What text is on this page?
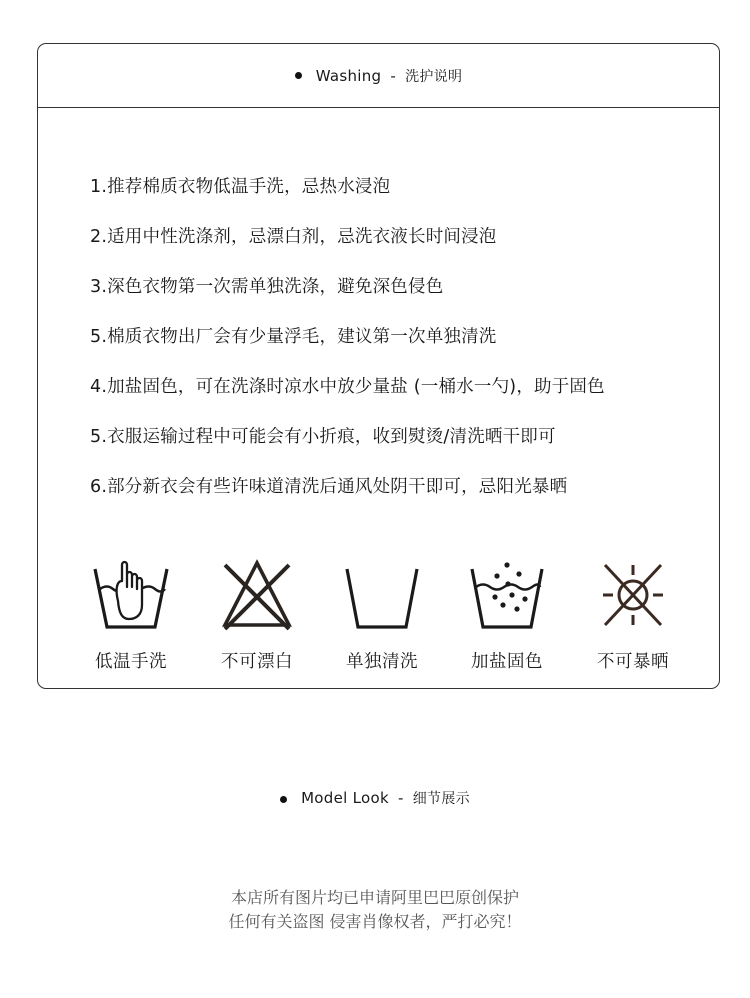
Washing - 洗护说明
1.推荐棉质衣物低温手洗，忌热水浸泡
2.适用中性洗涤剂，忌漂白剂，忌洗衣液长时间浸泡
3.深色衣物第一次需单独洗涤，避免深色侵色
5.棉质衣物出厂会有少量浮毛，建议第一次单独清洗
4.加盐固色，可在洗涤时凉水中放少量盐 (一桶水一勺)，助于固色
5.衣服运输过程中可能会有小折痕，收到熨烫/清洗晒干即可
6.部分新衣会有些许味道清洗后通风处阴干即可，忌阳光暴晒
低温手洗	不可漂白	单独清洗	加盐固色	不可暴晒
Model Look - 细节展示
本店所有图片均已申请阿里巴巴原创保护
任何有关盗图 侵害肖像权者，严打必究！
